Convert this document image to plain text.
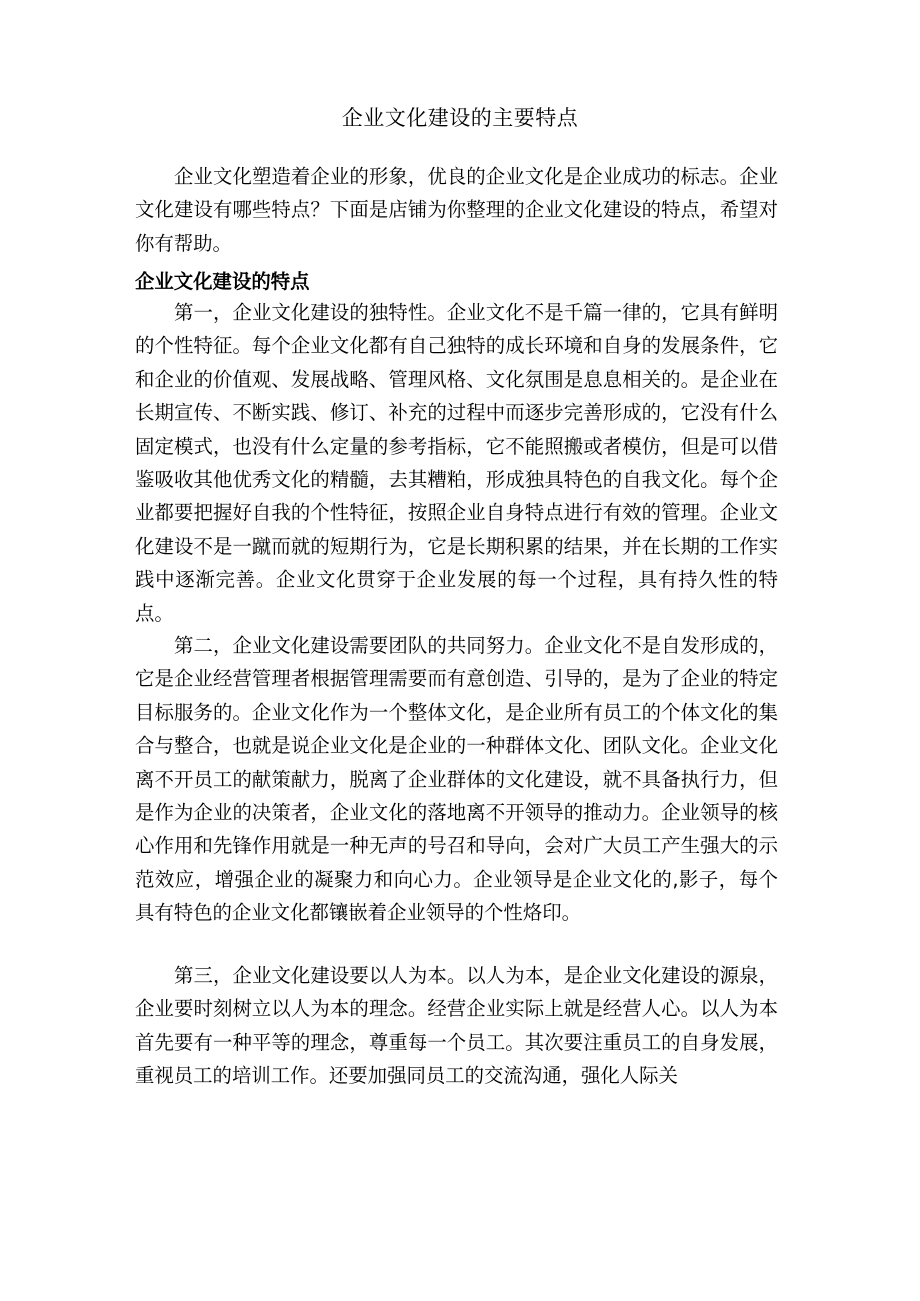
企业文化建设的主要特点

企业文化塑造着企业的形象，优良的企业文化是企业成功的标志。企业文化建设有哪些特点？下面是店铺为你整理的企业文化建设的特点，希望对你有帮助。

企业文化建设的特点

第一，企业文化建设的独特性。企业文化不是千篇一律的，它具有鲜明的个性特征。每个企业文化都有自己独特的成长环境和自身的发展条件，它和企业的价值观、发展战略、管理风格、文化氛围是息息相关的。是企业在长期宣传、不断实践、修订、补充的过程中而逐步完善形成的，它没有什么固定模式，也没有什么定量的参考指标，它不能照搬或者模仿，但是可以借鉴吸收其他优秀文化的精髓，去其糟粕，形成独具特色的自我文化。每个企业都要把握好自我的个性特征，按照企业自身特点进行有效的管理。企业文化建设不是一蹴而就的短期行为，它是长期积累的结果，并在长期的工作实践中逐渐完善。企业文化贯穿于企业发展的每一个过程，具有持久性的特点。

第二，企业文化建设需要团队的共同努力。企业文化不是自发形成的，它是企业经营管理者根据管理需要而有意创造、引导的，是为了企业的特定目标服务的。企业文化作为一个整体文化，是企业所有员工的个体文化的集合与整合，也就是说企业文化是企业的一种群体文化、团队文化。企业文化离不开员工的献策献力，脱离了企业群体的文化建设，就不具备执行力，但是作为企业的决策者，企业文化的落地离不开领导的推动力。企业领导的核心作用和先锋作用就是一种无声的号召和导向，会对广大员工产生强大的示范效应，增强企业的凝聚力和向心力。企业领导是企业文化的,影子，每个具有特色的企业文化都镶嵌着企业领导的个性烙印。

第三，企业文化建设要以人为本。以人为本，是企业文化建设的源泉，企业要时刻树立以人为本的理念。经营企业实际上就是经营人心。以人为本首先要有一种平等的理念，尊重每一个员工。其次要注重员工的自身发展，重视员工的培训工作。还要加强同员工的交流沟通，强化人际关
